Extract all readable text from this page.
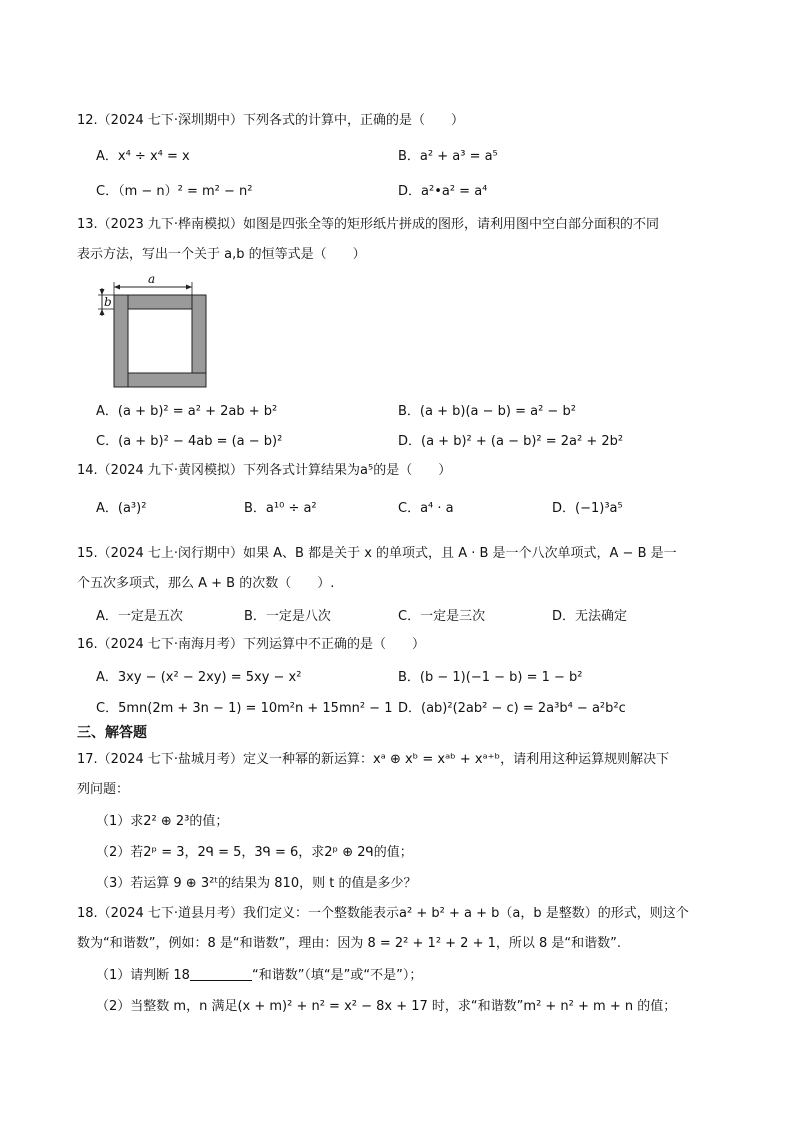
12.（2024 七下·深圳期中）下列各式的计算中，正确的是（　　）
A．x⁴ ÷ x⁴ = x	B．a² + a³ = a⁵
C．（m − n）² = m² − n²	D．a²•a² = a⁴
13.（2023 九下·桦南模拟）如图是四张全等的矩形纸片拼成的图形，请利用图中空白部分面积的不同
表示方法，写出一个关于 a,b 的恒等式是（　　）
a
b
A．(a + b)² = a² + 2ab + b²	B．(a + b)(a − b) = a² − b²
C．(a + b)² − 4ab = (a − b)²	D．(a + b)² + (a − b)² = 2a² + 2b²
14.（2024 九下·黄冈模拟）下列各式计算结果为a⁵的是（　　）
A．(a³)²	B．a¹⁰ ÷ a²	C．a⁴ · a	D．(−1)³a⁵
15.（2024 七上·闵行期中）如果 A、B 都是关于 x 的单项式，且 A · B 是一个八次单项式，A − B 是一
个五次多项式，那么 A + B 的次数（　　）.
A．一定是五次	B．一定是八次	C．一定是三次	D．无法确定
16.（2024 七下·南海月考）下列运算中不正确的是（　　）
A．3xy − (x² − 2xy) = 5xy − x²	B．(b − 1)(−1 − b) = 1 − b²
C．5mn(2m + 3n − 1) = 10m²n + 15mn² − 1 D．(ab)²(2ab² − c) = 2a³b⁴ − a²b²c
三、解答题
17.（2024 七下·盐城月考）定义一种幂的新运算：xᵃ ⊕ xᵇ = xᵃᵇ + xᵃ⁺ᵇ，请利用这种运算规则解决下
列问题：
（1）求2² ⊕ 2³的值；
（2）若2ᵖ = 3，2ᑫ = 5，3ᑫ = 6，求2ᵖ ⊕ 2ᑫ的值；
（3）若运算 9 ⊕ 3²ᵗ的结果为 810，则 t 的值是多少？
18.（2024 七下·道县月考）我们定义：一个整数能表示a² + b² + a + b（a，b 是整数）的形式，则这个
数为“和谐数”，例如：8 是“和谐数”，理由：因为 8 = 2² + 1² + 2 + 1，所以 8 是“和谐数”.
（1）请判断 18	“和谐数”（填“是”或“不是”）；
（2）当整数 m，n 满足(x + m)² + n² = x² − 8x + 17 时，求“和谐数”m² + n² + m + n 的值；
